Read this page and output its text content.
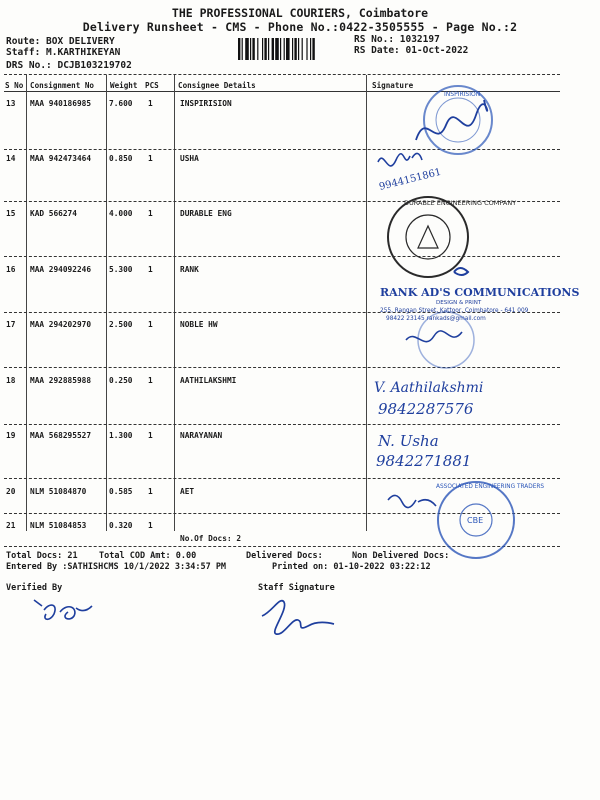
THE PROFESSIONAL COURIERS, Coimbatore
Delivery Runsheet - CMS - Phone No.:0422-3505555 - Page No.:2
Route: BOX DELIVERY
Staff: M.KARTHIKEYAN
DRS No.: DCJB103219702
RS No.: 1032197
RS Date: 01-Oct-2022
S No Consignment No Weight PCS	Consignee Details	Signature
13 MAA 940186985 7.600 1	INSPIRISION
14 MAA 942473464 0.850 1	USHA
15 KAD 566274	4.000 1	DURABLE ENG
16 MAA 294092246 5.300 1	RANK
17 MAA 294202970 2.500 1	NOBLE HW
18 MAA 292885988 0.250 1	AATHILAKSHMI
19 MAA 568295527 1.300 1	NARAYANAN
20 NLM 51084870	0.585 1	AET
21 NLM 51084853	0.320 1
No.Of Docs: 2
INSPIRISION
9944151861
DURABLE ENGINEERING COMPANY
RANK AD'S COMMUNICATIONS
DESIGN & PRINT
255, Rangan Street, Kattoor, Coimbatore - 641 009
98422 23145 rankads@gmail.com
V. Aathilakshmi
9842287576
N. Usha
9842271881
ASSOCIATED ENGINEERING TRADERS
CBE
Total Docs: 21	Total COD Amt: 0.00	Delivered Docs:	Non Delivered Docs:
Entered By :SATHISHCMS 10/1/2022 3:34:57 PM	Printed on: 01-10-2022 03:22:12
Verified By	Staff Signature
